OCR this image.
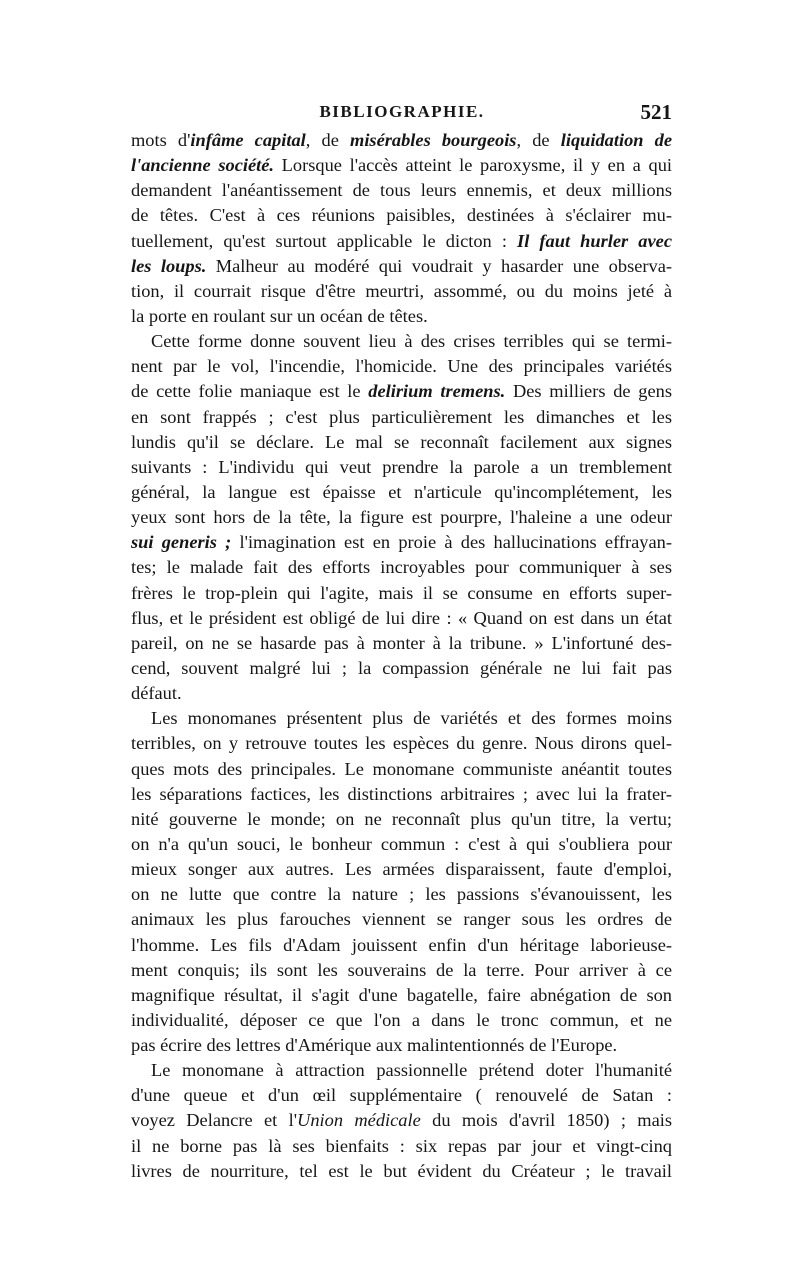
BIBLIOGRAPHIE.	521
mots d'infâme capital, de misérables bourgeois, de liquidation de
l'ancienne société. Lorsque l'accès atteint le paroxysme, il y en a qui
demandent l'anéantissement de tous leurs ennemis, et deux millions
de têtes. C'est à ces réunions paisibles, destinées à s'éclairer mu-
tuellement, qu'est surtout applicable le dicton : Il faut hurler avec
les loups. Malheur au modéré qui voudrait y hasarder une observa-
tion, il courrait risque d'être meurtri, assommé, ou du moins jeté à
la porte en roulant sur un océan de têtes.
Cette forme donne souvent lieu à des crises terribles qui se termi-
nent par le vol, l'incendie, l'homicide. Une des principales variétés
de cette folie maniaque est le delirium tremens. Des milliers de gens
en sont frappés ; c'est plus particulièrement les dimanches et les
lundis qu'il se déclare. Le mal se reconnaît facilement aux signes
suivants : L'individu qui veut prendre la parole a un tremblement
général, la langue est épaisse et n'articule qu'incomplétement, les
yeux sont hors de la tête, la figure est pourpre, l'haleine a une odeur
sui generis ; l'imagination est en proie à des hallucinations effrayan-
tes; le malade fait des efforts incroyables pour communiquer à ses
frères le trop-plein qui l'agite, mais il se consume en efforts super-
flus, et le président est obligé de lui dire : « Quand on est dans un état
pareil, on ne se hasarde pas à monter à la tribune. » L'infortuné des-
cend, souvent malgré lui ; la compassion générale ne lui fait pas
défaut.
Les monomanes présentent plus de variétés et des formes moins
terribles, on y retrouve toutes les espèces du genre. Nous dirons quel-
ques mots des principales. Le monomane communiste anéantit toutes
les séparations factices, les distinctions arbitraires ; avec lui la frater-
nité gouverne le monde; on ne reconnaît plus qu'un titre, la vertu;
on n'a qu'un souci, le bonheur commun : c'est à qui s'oubliera pour
mieux songer aux autres. Les armées disparaissent, faute d'emploi,
on ne lutte que contre la nature ; les passions s'évanouissent, les
animaux les plus farouches viennent se ranger sous les ordres de
l'homme. Les fils d'Adam jouissent enfin d'un héritage laborieuse-
ment conquis; ils sont les souverains de la terre. Pour arriver à ce
magnifique résultat, il s'agit d'une bagatelle, faire abnégation de son
individualité, déposer ce que l'on a dans le tronc commun, et ne
pas écrire des lettres d'Amérique aux malintentionnés de l'Europe.
Le monomane à attraction passionnelle prétend doter l'humanité
d'une queue et d'un œil supplémentaire ( renouvelé de Satan :
voyez Delancre et l'Union médicale du mois d'avril 1850) ; mais
il ne borne pas là ses bienfaits : six repas par jour et vingt-cinq
livres de nourriture, tel est le but évident du Créateur ; le travail
